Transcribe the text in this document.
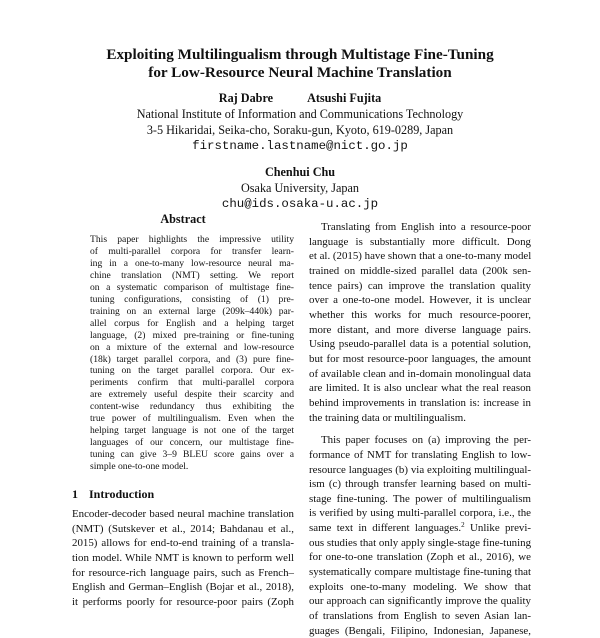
Exploiting Multilingualism through Multistage Fine-Tuning
for Low-Resource Neural Machine Translation
Raj Dabre	Atsushi Fujita
National Institute of Information and Communications Technology
3-5 Hikaridai, Seika-cho, Soraku-gun, Kyoto, 619-0289, Japan
firstname.lastname@nict.go.jp
Chenhui Chu
Osaka University, Japan
chu@ids.osaka-u.ac.jp
Abstract
This paper highlights the impressive utility
of multi-parallel corpora for transfer learn-
ing in a one-to-many low-resource neural ma-
chine translation (NMT) setting. We report
on a systematic comparison of multistage fine-
tuning configurations, consisting of (1) pre-
training on an external large (209k–440k) par-
allel corpus for English and a helping target
language, (2) mixed pre-training or fine-tuning
on a mixture of the external and low-resource
(18k) target parallel corpora, and (3) pure fine-
tuning on the target parallel corpora. Our ex-
periments confirm that multi-parallel corpora
are extremely useful despite their scarcity and
content-wise redundancy thus exhibiting the
true power of multilingualism. Even when the
helping target language is not one of the target
languages of our concern, our multistage fine-
tuning can give 3–9 BLEU score gains over a
simple one-to-one model.
1 Introduction
Encoder-decoder based neural machine translation
(NMT) (Sutskever et al., 2014; Bahdanau et al.,
2015) allows for end-to-end training of a transla-
tion model. While NMT is known to perform well
for resource-rich language pairs, such as French–
English and German–English (Bojar et al., 2018),
it performs poorly for resource-poor pairs (Zoph
Translating from English into a resource-poor
language is substantially more difficult. Dong
et al. (2015) have shown that a one-to-many model
trained on middle-sized parallel data (200k sen-
tence pairs) can improve the translation quality
over a one-to-one model. However, it is unclear
whether this works for much resource-poorer,
more distant, and more diverse language pairs.
Using pseudo-parallel data is a potential solution,
but for most resource-poor languages, the amount
of available clean and in-domain monolingual data
are limited. It is also unclear what the real reason
behind improvements in translation is: increase in
the training data or multilingualism.
This paper focuses on (a) improving the per-
formance of NMT for translating English to low-
resource languages (b) via exploiting multilingual-
ism (c) through transfer learning based on multi-
stage fine-tuning. The power of multilingualism
is verified by using multi-parallel corpora, i.e., the
same text in different languages.$^2$ Unlike previ-
ous studies that only apply single-stage fine-tuning
for one-to-one translation (Zoph et al., 2016), we
systematically compare multistage fine-tuning that
exploits one-to-many modeling. We show that
our approach can significantly improve the quality
of translations from English to seven Asian lan-
guages (Bengali, Filipino, Indonesian, Japanese,
